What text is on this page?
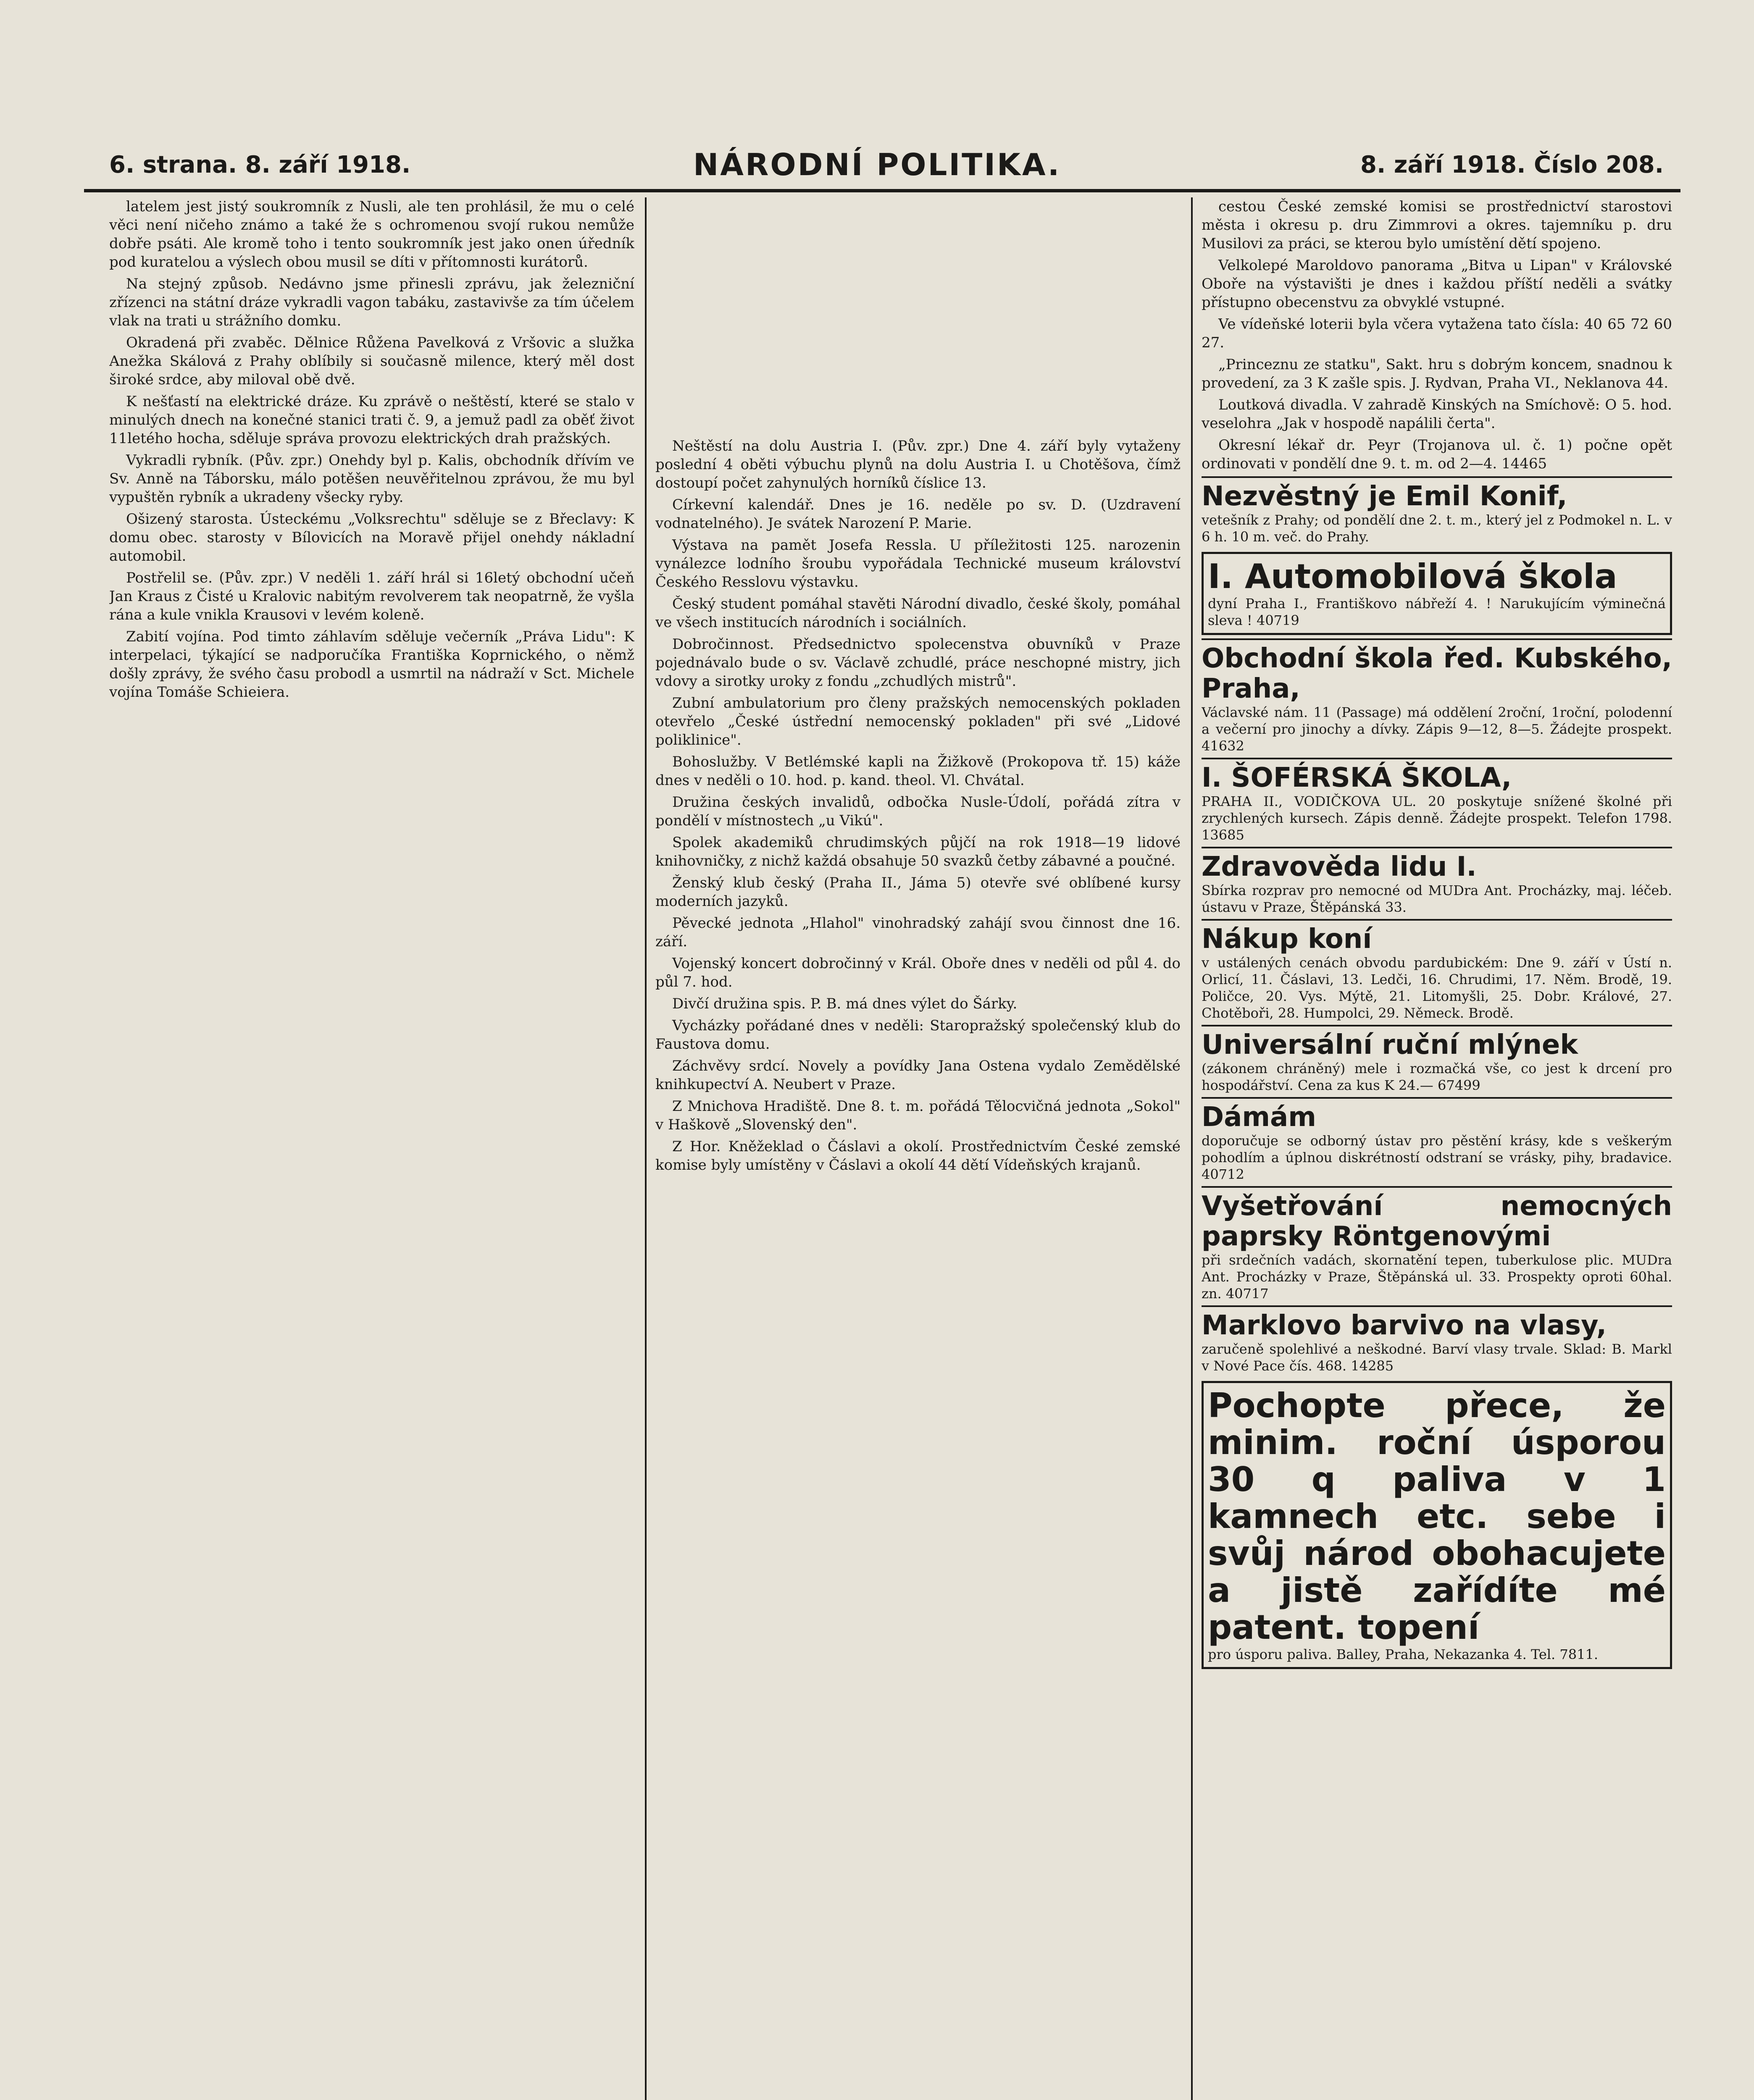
6. strana. 8. září 1918.	NÁRODNÍ POLITIKA.	8. září 1918. Číslo 208.

latelem jest jistý soukromník z Nusli, ale ten prohlásil, že mu o celé věci není ničeho známo a také že s ochromenou svojí rukou nemůže dobře psáti. Ale kromě toho i tento soukromník jest jako onen úředník pod kuratelou a výslech obou musil se díti v přítomnosti kurátorů.

Na stejný způsob. Nedávno jsme přinesli zprávu, jak železniční zřízenci na státní dráze vykradli vagon tabáku, zastavivše za tím účelem vlak na trati u strážního domku.

Okradená při zvaběc. Dělnice Růžena Pavelková z Vršovic a služka Anežka Skálová z Prahy oblíbily si současně milence, který měl dost široké srdce, aby miloval obě dvě.

K nešťastí na elektrické dráze. Ku zprávě o neštěstí, které se stalo v minulých dnech na konečné stanici trati č. 9, a jemuž padl za oběť život 11letého hocha, sděluje správa provozu elektrických drah pražských.

Vykradli rybník. (Pův. zpr.) Onehdy byl p. Kalis, obchodník dřívím ve Sv. Anně na Táborsku, málo potěšen neuvěřitelnou zprávou, že mu byl vypuštěn rybník a ukradeny všecky ryby.

Ošizený starosta. Ústeckému „Volksrechtu" sděluje se z Břeclavy: K domu obec. starosty v Bílovicích na Moravě přijel onehdy nákladní automobil.

Postřelil se. (Pův. zpr.) V neděli 1. září hrál si 16letý obchodní učeň Jan Kraus z Čisté u Kralovic nabitým revolverem tak neopatrně, že vyšla rána a kule vnikla Krausovi v levém koleně.

Zabití vojína. Pod timto záhlavím sděluje večerník „Práva Lidu": K interpelaci, týkající se nadporučíka Františka Koprnického, o němž došly zprávy, že svého času probodl a usmrtil na nádraží v Sct. Michele vojína Tomáše Schieiera.

Neštěstí na dolu Austria I. (Pův. zpr.) Dne 4. září byly vytaženy poslední 4 oběti výbuchu plynů na dolu Austria I. u Chotěšova, čímž dostoupí počet zahynulých horníků číslice 13.

Církevní kalendář. Dnes je 16. neděle po sv. D. (Uzdravení vodnatelného). Je svátek Narození P. Marie.

Výstava na pamět Josefa Ressla. U příležitosti 125. narozenin vynálezce lodního šroubu vypořádala Technické museum království Českého Resslovu výstavku.

Český student pomáhal stavěti Národní divadlo, české školy, pomáhal ve všech institucích národních i sociálních.

Dobročinnost. Předsednictvo spolecenstva obuvníků v Praze pojednávalo bude o sv. Václavě zchudlé, práce neschopné mistry, jich vdovy a sirotky uroky z fondu „zchudlých mistrů".

Zubní ambulatorium pro členy pražských nemocenských pokladen otevřelo „České ústřední nemocenský pokladen" při své „Lidové poliklinice".

Bohoslužby. V Betlémské kapli na Žižkově (Prokopova tř. 15) káže dnes v neděli o 10. hod. p. kand. theol. Vl. Chvátal.

Družina českých invalidů, odbočka Nusle-Údolí, pořádá zítra v pondělí v místnostech „u Vikú".

Spolek akademiků chrudimských půjčí na rok 1918—19 lidové knihovničky, z nichž každá obsahuje 50 svazků četby zábavné a poučné.

Ženský klub český (Praha II., Jáma 5) otevře své oblíbené kursy moderních jazyků.

Pěvecké jednota „Hlahol" vinohradský zahájí svou činnost dne 16. září.

Vojenský koncert dobročinný v Král. Oboře dnes v neděli od půl 4. do půl 7. hod.

Divčí družina spis. P. B. má dnes výlet do Šárky.

Vycházky pořádané dnes v neděli: Staropražský společenský klub do Faustova domu.

Záchvěvy srdcí. Novely a povídky Jana Ostena vydalo Zemědělské knihkupectví A. Neubert v Praze.

Z Mnichova Hradiště. Dne 8. t. m. pořádá Tělocvičná jednota „Sokol" v Haškově „Slovenský den".

Z Hor. Kněžeklad o Čáslavi a okolí. Prostřednictvím České zemské komise byly umístěny v Čáslavi a okolí 44 dětí Vídeňských krajanů.

cestou České zemské komisi se prostřednictví starostovi města i okresu p. dru Zimmrovi a okres. tajemníku p. dru Musilovi za práci, se kterou bylo umístění dětí spojeno.

Velkolepé Maroldovo panorama „Bitva u Lipan" v Královské Oboře na výstavišti je dnes i každou příští neděli a svátky přístupno obecenstvu za obvyklé vstupné.

Ve vídeňské loterii byla včera vytažena tato čísla: 40 65 72 60 27.

„Princeznu ze statku", Sakt. hru s dobrým koncem, snadnou k provedení, za 3 K zašle spis. J. Rydvan, Praha VI., Neklanova 44.

Loutková divadla. V zahradě Kinských na Smíchově: O 5. hod. veselohra „Jak v hospodě napálili čerta".

Okresní lékař dr. Peyr (Trojanova ul. č. 1) počne opět ordinovati v pondělí dne 9. t. m. od 2—4. 14465

Nezvěstný je Emil Konif,
vetešník z Prahy; od pondělí dne 2. t. m., který jel z Podmokel n. L. v 6 h. 10 m. več. do Prahy.
I. Automobilová škola
dyní Praha I., Františkovo nábřeží 4. ! Narukujícím výminečná sleva ! 40719
Obchodní škola řed. Kubského, Praha,
Václavské nám. 11 (Passage) má oddělení 2roční, 1roční, polodenní a večerní pro jinochy a dívky. Zápis 9—12, 8—5. Žádejte prospekt. 41632
I. ŠOFÉRSKÁ ŠKOLA,
PRAHA II., VODIČKOVA UL. 20 poskytuje snížené školné při zrychlených kursech. Zápis denně. Žádejte prospekt. Telefon 1798. 13685
Zdravověda lidu I.
Sbírka rozprav pro nemocné od MUDra Ant. Procházky, maj. léčeb. ústavu v Praze, Štěpánská 33.
Nákup koní
v ustálených cenách obvodu pardubickém: Dne 9. září v Ústí n. Orlicí, 11. Čáslavi, 13. Ledči, 16. Chrudimi, 17. Něm. Brodě, 19. Poličce, 20. Vys. Mýtě, 21. Litomyšli, 25. Dobr. Králové, 27. Chotěboři, 28. Humpolci, 29. Německ. Brodě.
Universální ruční mlýnek
(zákonem chráněný) mele i rozmačká vše, co jest k drcení pro hospodářství. Cena za kus K 24.— 67499
Dámám
doporučuje se odborný ústav pro pěstění krásy, kde s veškerým pohodlím a úplnou diskrétností odstraní se vrásky, pihy, bradavice. 40712
Vyšetřování nemocných paprsky Röntgenovými
při srdečních vadách, skornatění tepen, tuberkulose plic. MUDra Ant. Procházky v Praze, Štěpánská ul. 33. Prospekty oproti 60hal. zn. 40717
Marklovo barvivo na vlasy,
zaručeně spolehlivé a neškodné. Barví vlasy trvale. Sklad: B. Markl v Nové Pace čís. 468. 14285
Pochopte přece, že minim. roční úsporou 30 q paliva v 1 kamnech etc. sebe i svůj národ obohacujete a jistě zařídíte mé patent. topení
pro úsporu paliva. Balley, Praha, Nekazanka 4. Tel. 7811.
